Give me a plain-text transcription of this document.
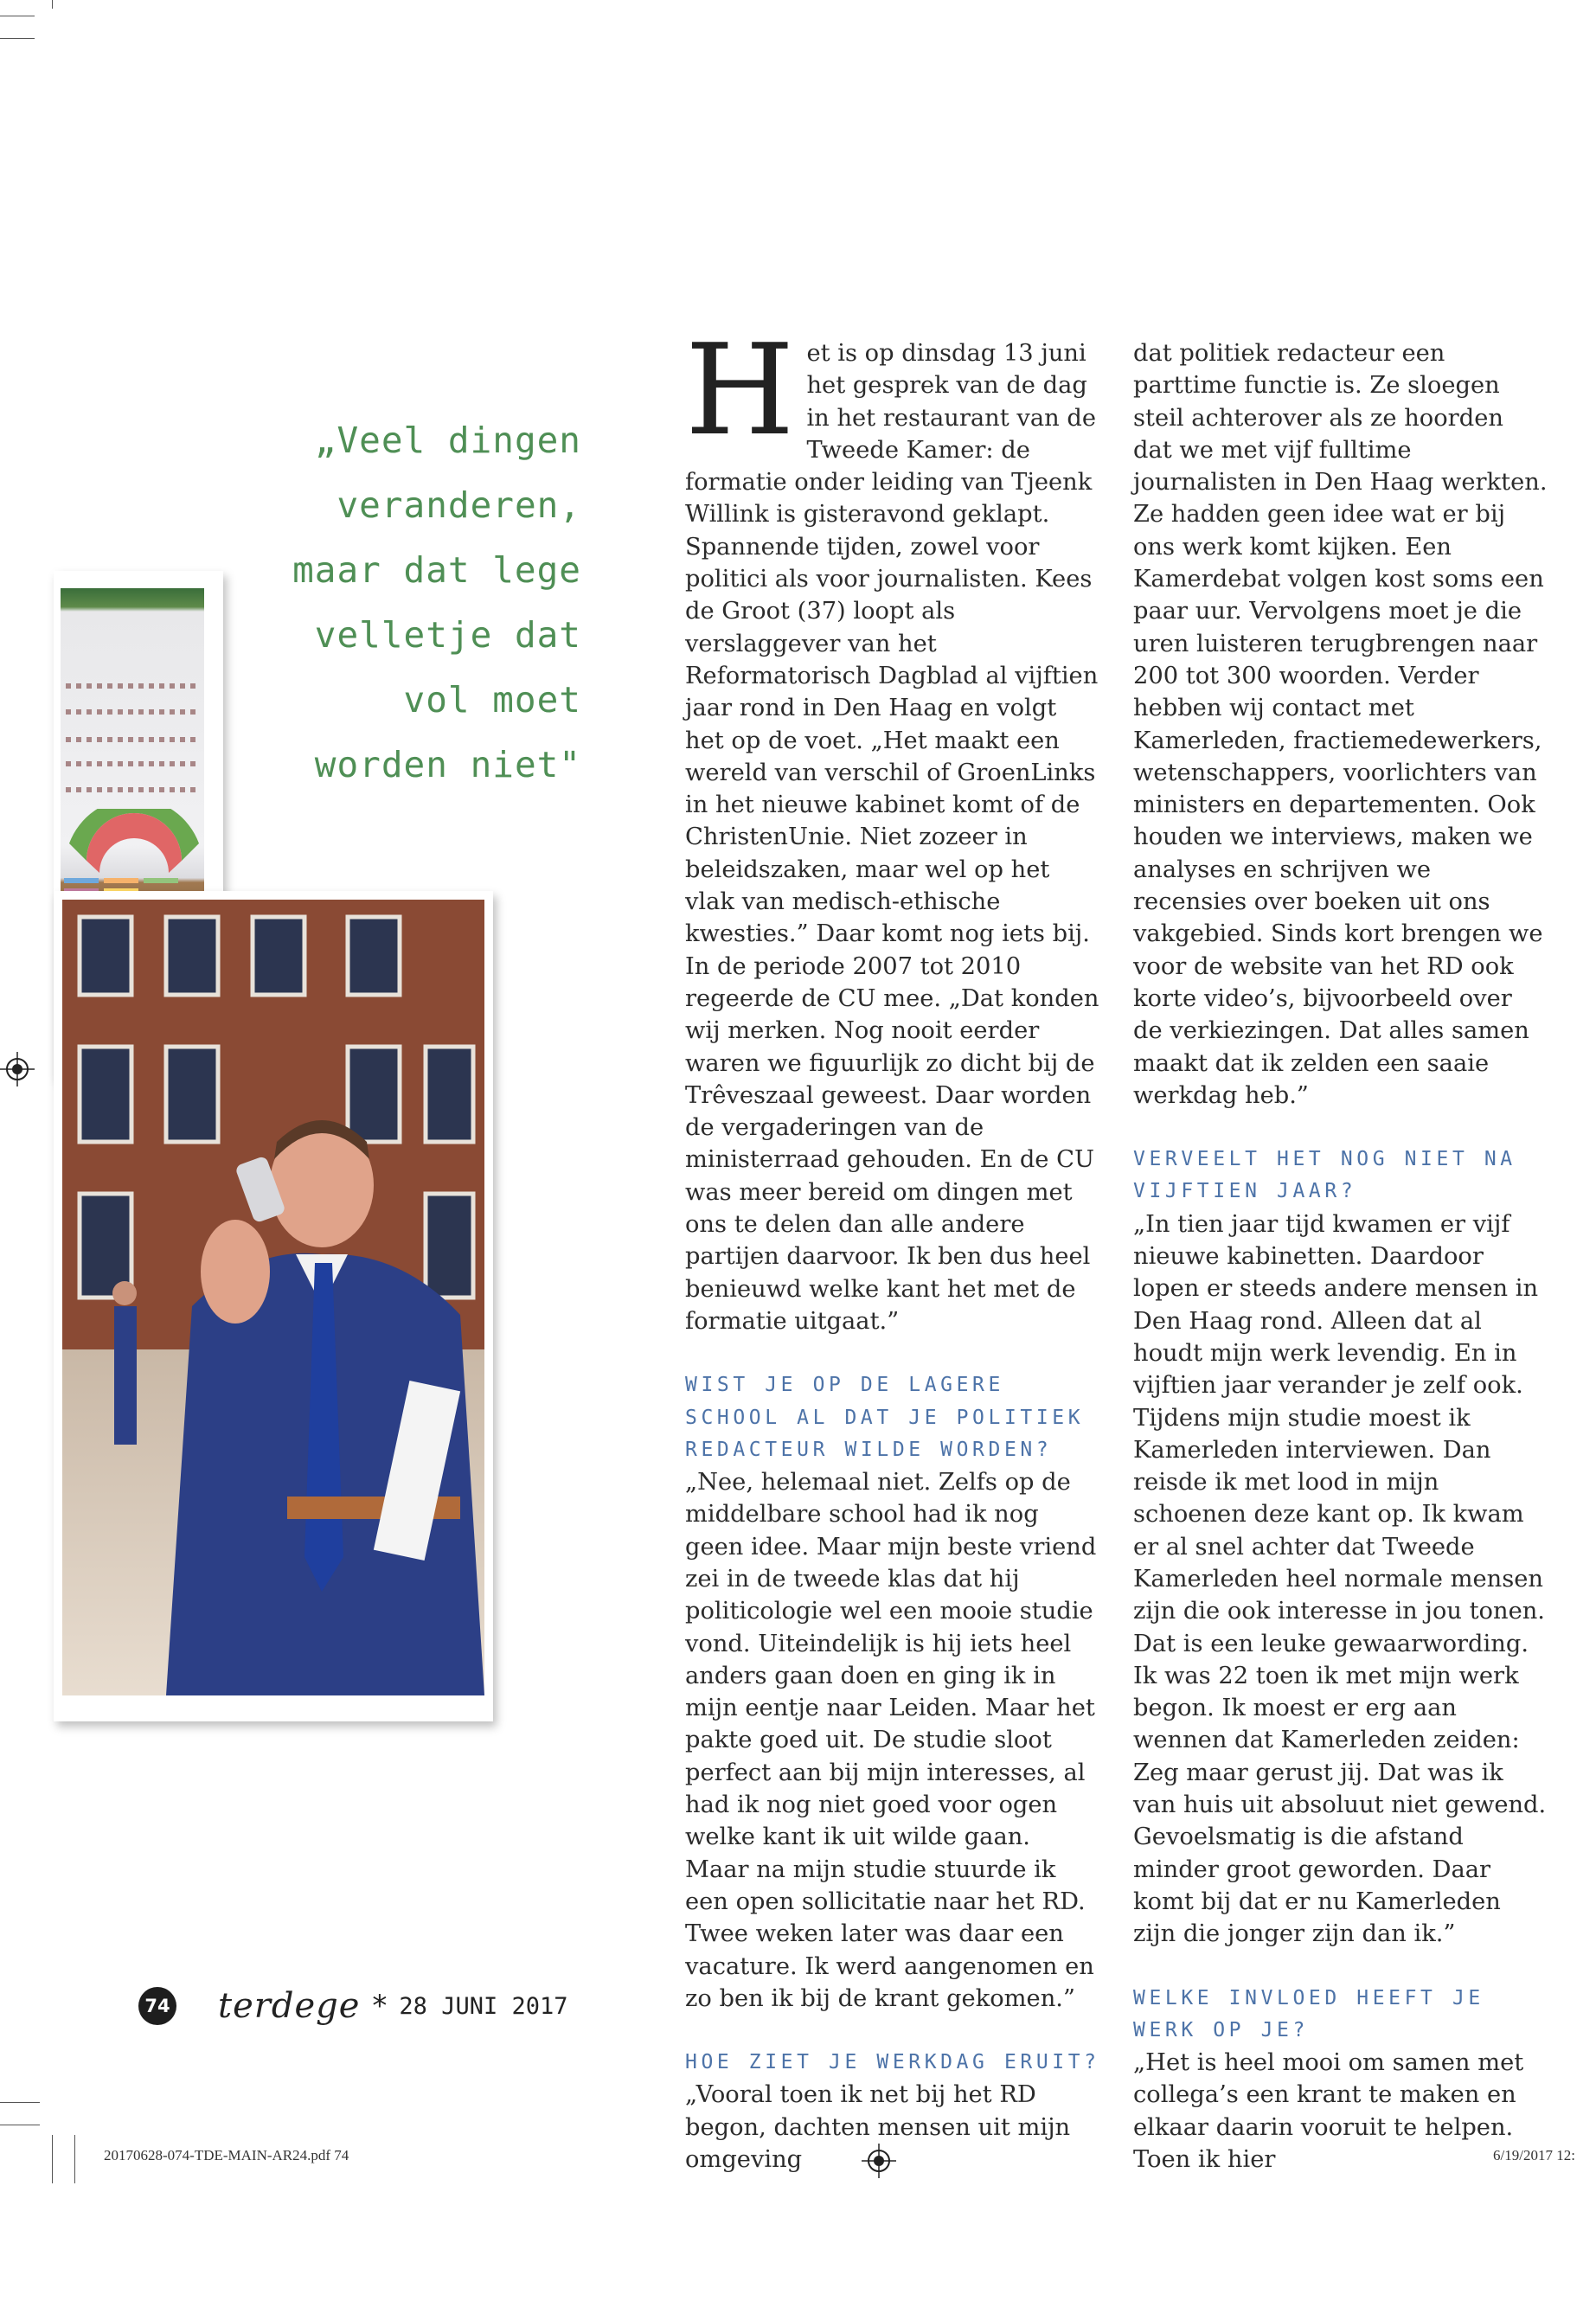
„Veel dingen
veranderen,
maar dat lege
velletje dat
vol moet
worden niet"

Het is op dinsdag 13 juni het gesprek van de dag in het restaurant van de Tweede Kamer: de formatie onder leiding van Tjeenk Willink is gisteravond geklapt. Spannende tijden, zowel voor politici als voor journalisten. Kees de Groot (37) loopt als verslaggever van het Reformatorisch Dagblad al vijftien jaar rond in Den Haag en volgt het op de voet. „Het maakt een wereld van verschil of GroenLinks in het nieuwe kabinet komt of de ChristenUnie. Niet zozeer in beleidszaken, maar wel op het vlak van medisch-ethische kwesties.” Daar komt nog iets bij. In de periode 2007 tot 2010 regeerde de CU mee. „Dat konden wij merken. Nog nooit eerder waren we figuurlijk zo dicht bij de Trêveszaal geweest. Daar worden de vergaderingen van de ministerraad gehouden. En de CU was meer bereid om dingen met ons te delen dan alle andere partijen daarvoor. Ik ben dus heel benieuwd welke kant het met de formatie uitgaat.”

WIST JE OP DE LAGERE SCHOOL AL DAT JE POLITIEK REDACTEUR WILDE WORDEN?

„Nee, helemaal niet. Zelfs op de middelbare school had ik nog geen idee. Maar mijn beste vriend zei in de tweede klas dat hij politicologie wel een mooie studie vond. Uiteindelijk is hij iets heel anders gaan doen en ging ik in mijn eentje naar Leiden. Maar het pakte goed uit. De studie sloot perfect aan bij mijn interesses, al had ik nog niet goed voor ogen welke kant ik uit wilde gaan. Maar na mijn studie stuurde ik een open sollicitatie naar het RD. Twee weken later was daar een vacature. Ik werd aangenomen en zo ben ik bij de krant gekomen.”

HOE ZIET JE WERKDAG ERUIT?

„Vooral toen ik net bij het RD begon, dachten mensen uit mijn omgeving

dat politiek redacteur een parttime functie is. Ze sloegen steil achterover als ze hoorden dat we met vijf fulltime journalisten in Den Haag werkten. Ze hadden geen idee wat er bij ons werk komt kijken. Een Kamerdebat volgen kost soms een paar uur. Vervolgens moet je die uren luisteren terugbrengen naar 200 tot 300 woorden. Verder hebben wij contact met Kamerleden, fractiemedewerkers, wetenschappers, voorlichters van ministers en departementen. Ook houden we interviews, maken we analyses en schrijven we recensies over boeken uit ons vakgebied. Sinds kort brengen we voor de website van het RD ook korte video’s, bijvoorbeeld over de verkiezingen. Dat alles samen maakt dat ik zelden een saaie werkdag heb.”

VERVEELT HET NOG NIET NA VIJFTIEN JAAR?

„In tien jaar tijd kwamen er vijf nieuwe kabinetten. Daardoor lopen er steeds andere mensen in Den Haag rond. Alleen dat al houdt mijn werk levendig. En in vijftien jaar verander je zelf ook. Tijdens mijn studie moest ik Kamerleden interviewen. Dan reisde ik met lood in mijn schoenen deze kant op. Ik kwam er al snel achter dat Tweede Kamerleden heel normale mensen zijn die ook interesse in jou tonen. Dat is een leuke gewaarwording. Ik was 22 toen ik met mijn werk begon. Ik moest er erg aan wennen dat Kamerleden zeiden: Zeg maar gerust jij. Dat was ik van huis uit absoluut niet gewend. Gevoelsmatig is die afstand minder groot geworden. Daar komt bij dat er nu Kamerleden zijn die jonger zijn dan ik.”

WELKE INVLOED HEEFT JE WERK OP JE?

„Het is heel mooi om samen met collega’s een krant te maken en elkaar daarin vooruit te helpen. Toen ik hier

74 terdege * 28 JUNI 2017
20170628-074-TDE-MAIN-AR24.pdf 74	6/19/2017 12:
